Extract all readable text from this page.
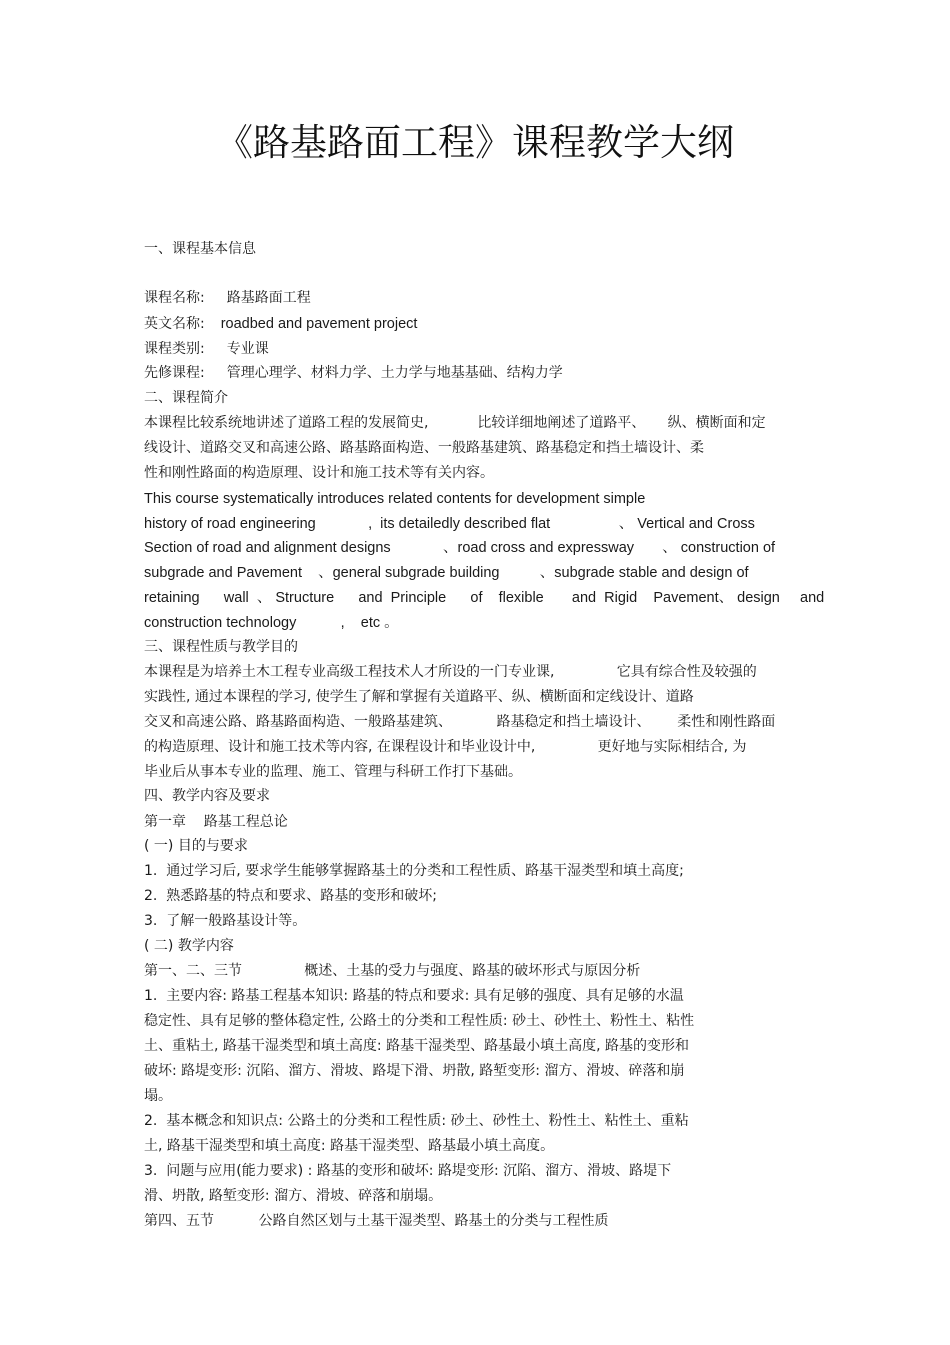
《路基路面工程》课程教学大纲
一、课程基本信息
课程名称: 路基路面工程
英文名称: roadbed and pavement project
课程类别: 专业课
先修课程: 管理心理学、材料力学、土力学与地基基础、结构力学
二、课程简介
本课程比较系统地讲述了道路工程的发展简史,           比较详细地阐述了道路平、     纵、横断面和定
线设计、道路交叉和高速公路、路基路面构造、一般路基建筑、路基稳定和挡土墙设计、柔
性和刚性路面的构造原理、设计和施工技术等有关内容。
This course systematically introduces related contents for development simple
history of road engineering             ,  its detailedly described flat                 、 Vertical and Cross
Section of road and alignment designs             、road cross and expressway       、 construction of
subgrade and Pavement    、general subgrade building          、subgrade stable and design of
retaining      wall  、 Structure      and  Principle      of    flexible       and  Rigid    Pavement、 design     and
construction technology           ,    etc 。
三、课程性质与教学目的
本课程是为培养土木工程专业高级工程技术人才所设的一门专业课,              它具有综合性及较强的
实践性, 通过本课程的学习, 使学生了解和掌握有关道路平、纵、横断面和定线设计、道路
交叉和高速公路、路基路面构造、一般路基建筑、          路基稳定和挡土墙设计、      柔性和刚性路面
的构造原理、设计和施工技术等内容, 在课程设计和毕业设计中,              更好地与实际相结合, 为
毕业后从事本专业的监理、施工、管理与科研工作打下基础。
四、教学内容及要求
第一章    路基工程总论
( 一) 目的与要求
1.  通过学习后, 要求学生能够掌握路基土的分类和工程性质、路基干湿类型和填土高度;
2.  熟悉路基的特点和要求、路基的变形和破坏;
3.  了解一般路基设计等。
( 二) 教学内容
第一、二、三节              概述、土基的受力与强度、路基的破坏形式与原因分析
1.  主要内容: 路基工程基本知识: 路基的特点和要求: 具有足够的强度、具有足够的水温
稳定性、具有足够的整体稳定性, 公路土的分类和工程性质: 砂土、砂性土、粉性土、粘性
土、重粘土, 路基干湿类型和填土高度: 路基干湿类型、路基最小填土高度, 路基的变形和
破坏: 路堤变形: 沉陷、溜方、滑坡、路堤下滑、坍散, 路堑变形: 溜方、滑坡、碎落和崩
塌。
2.  基本概念和知识点: 公路土的分类和工程性质: 砂土、砂性土、粉性土、粘性土、重粘
土, 路基干湿类型和填土高度: 路基干湿类型、路基最小填土高度。
3.  问题与应用(能力要求) : 路基的变形和破坏: 路堤变形: 沉陷、溜方、滑坡、路堤下
滑、坍散, 路堑变形: 溜方、滑坡、碎落和崩塌。
第四、五节          公路自然区划与土基干湿类型、路基土的分类与工程性质
